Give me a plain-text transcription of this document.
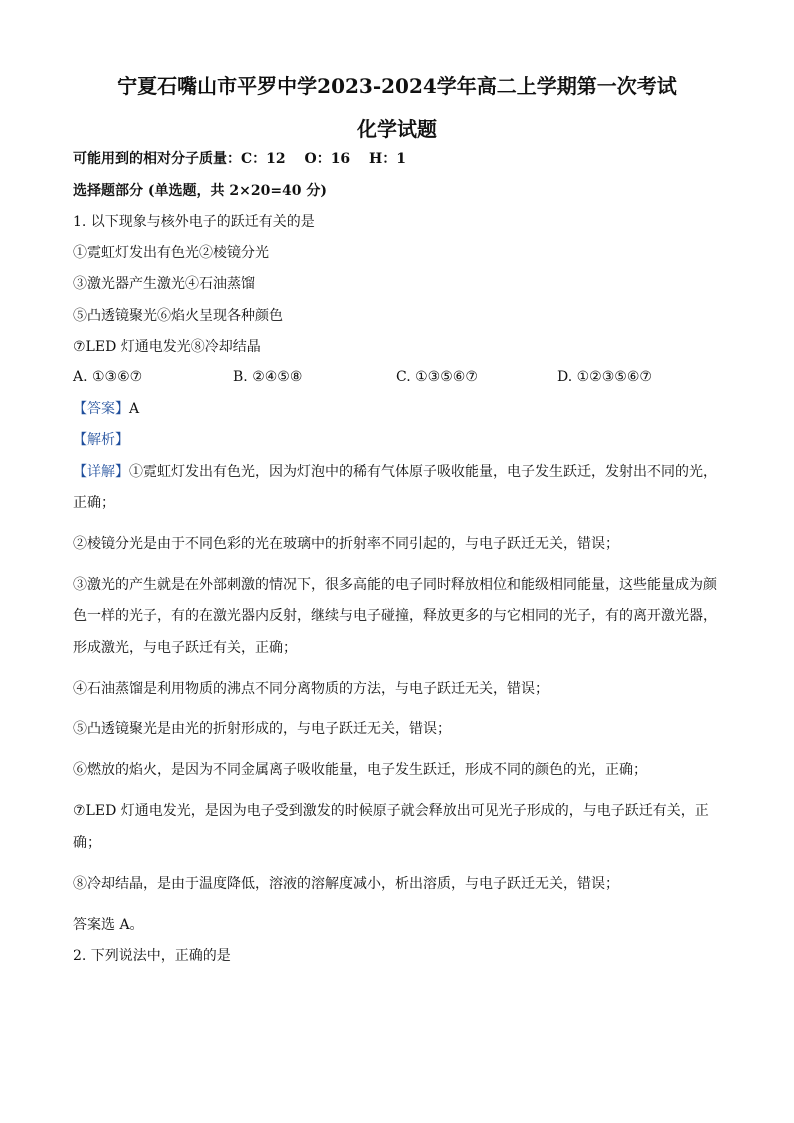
宁夏石嘴山市平罗中学2023-2024学年高二上学期第一次考试
化学试题
可能用到的相对分子质量：C：12　 O：16　 H：1
选择题部分 (单选题，共 2×20=40 分)
1. 以下现象与核外电子的跃迁有关的是
①霓虹灯发出有色光②棱镜分光
③激光器产生激光④石油蒸馏
⑤凸透镜聚光⑥焰火呈现各种颜色
⑦LED 灯通电发光⑧冷却结晶
A. ①③⑥⑦	B. ②④⑤⑧	C. ①③⑤⑥⑦	D. ①②③⑤⑥⑦
【答案】A
【解析】
【详解】①霓虹灯发出有色光，因为灯泡中的稀有气体原子吸收能量，电子发生跃迁，发射出不同的光，
正确；
②棱镜分光是由于不同色彩的光在玻璃中的折射率不同引起的，与电子跃迁无关，错误；
③激光的产生就是在外部刺激的情况下，很多高能的电子同时释放相位和能级相同能量，这些能量成为颜
色一样的光子，有的在激光器内反射，继续与电子碰撞，释放更多的与它相同的光子，有的离开激光器，
形成激光，与电子跃迁有关，正确；
④石油蒸馏是利用物质的沸点不同分离物质的方法，与电子跃迁无关，错误；
⑤凸透镜聚光是由光的折射形成的，与电子跃迁无关，错误；
⑥燃放的焰火，是因为不同金属离子吸收能量，电子发生跃迁，形成不同的颜色的光，正确；
⑦LED 灯通电发光，是因为电子受到激发的时候原子就会释放出可见光子形成的，与电子跃迁有关，正
确；
⑧冷却结晶，是由于温度降低，溶液的溶解度减小，析出溶质，与电子跃迁无关，错误；
答案选 A。
2. 下列说法中，正确的是
